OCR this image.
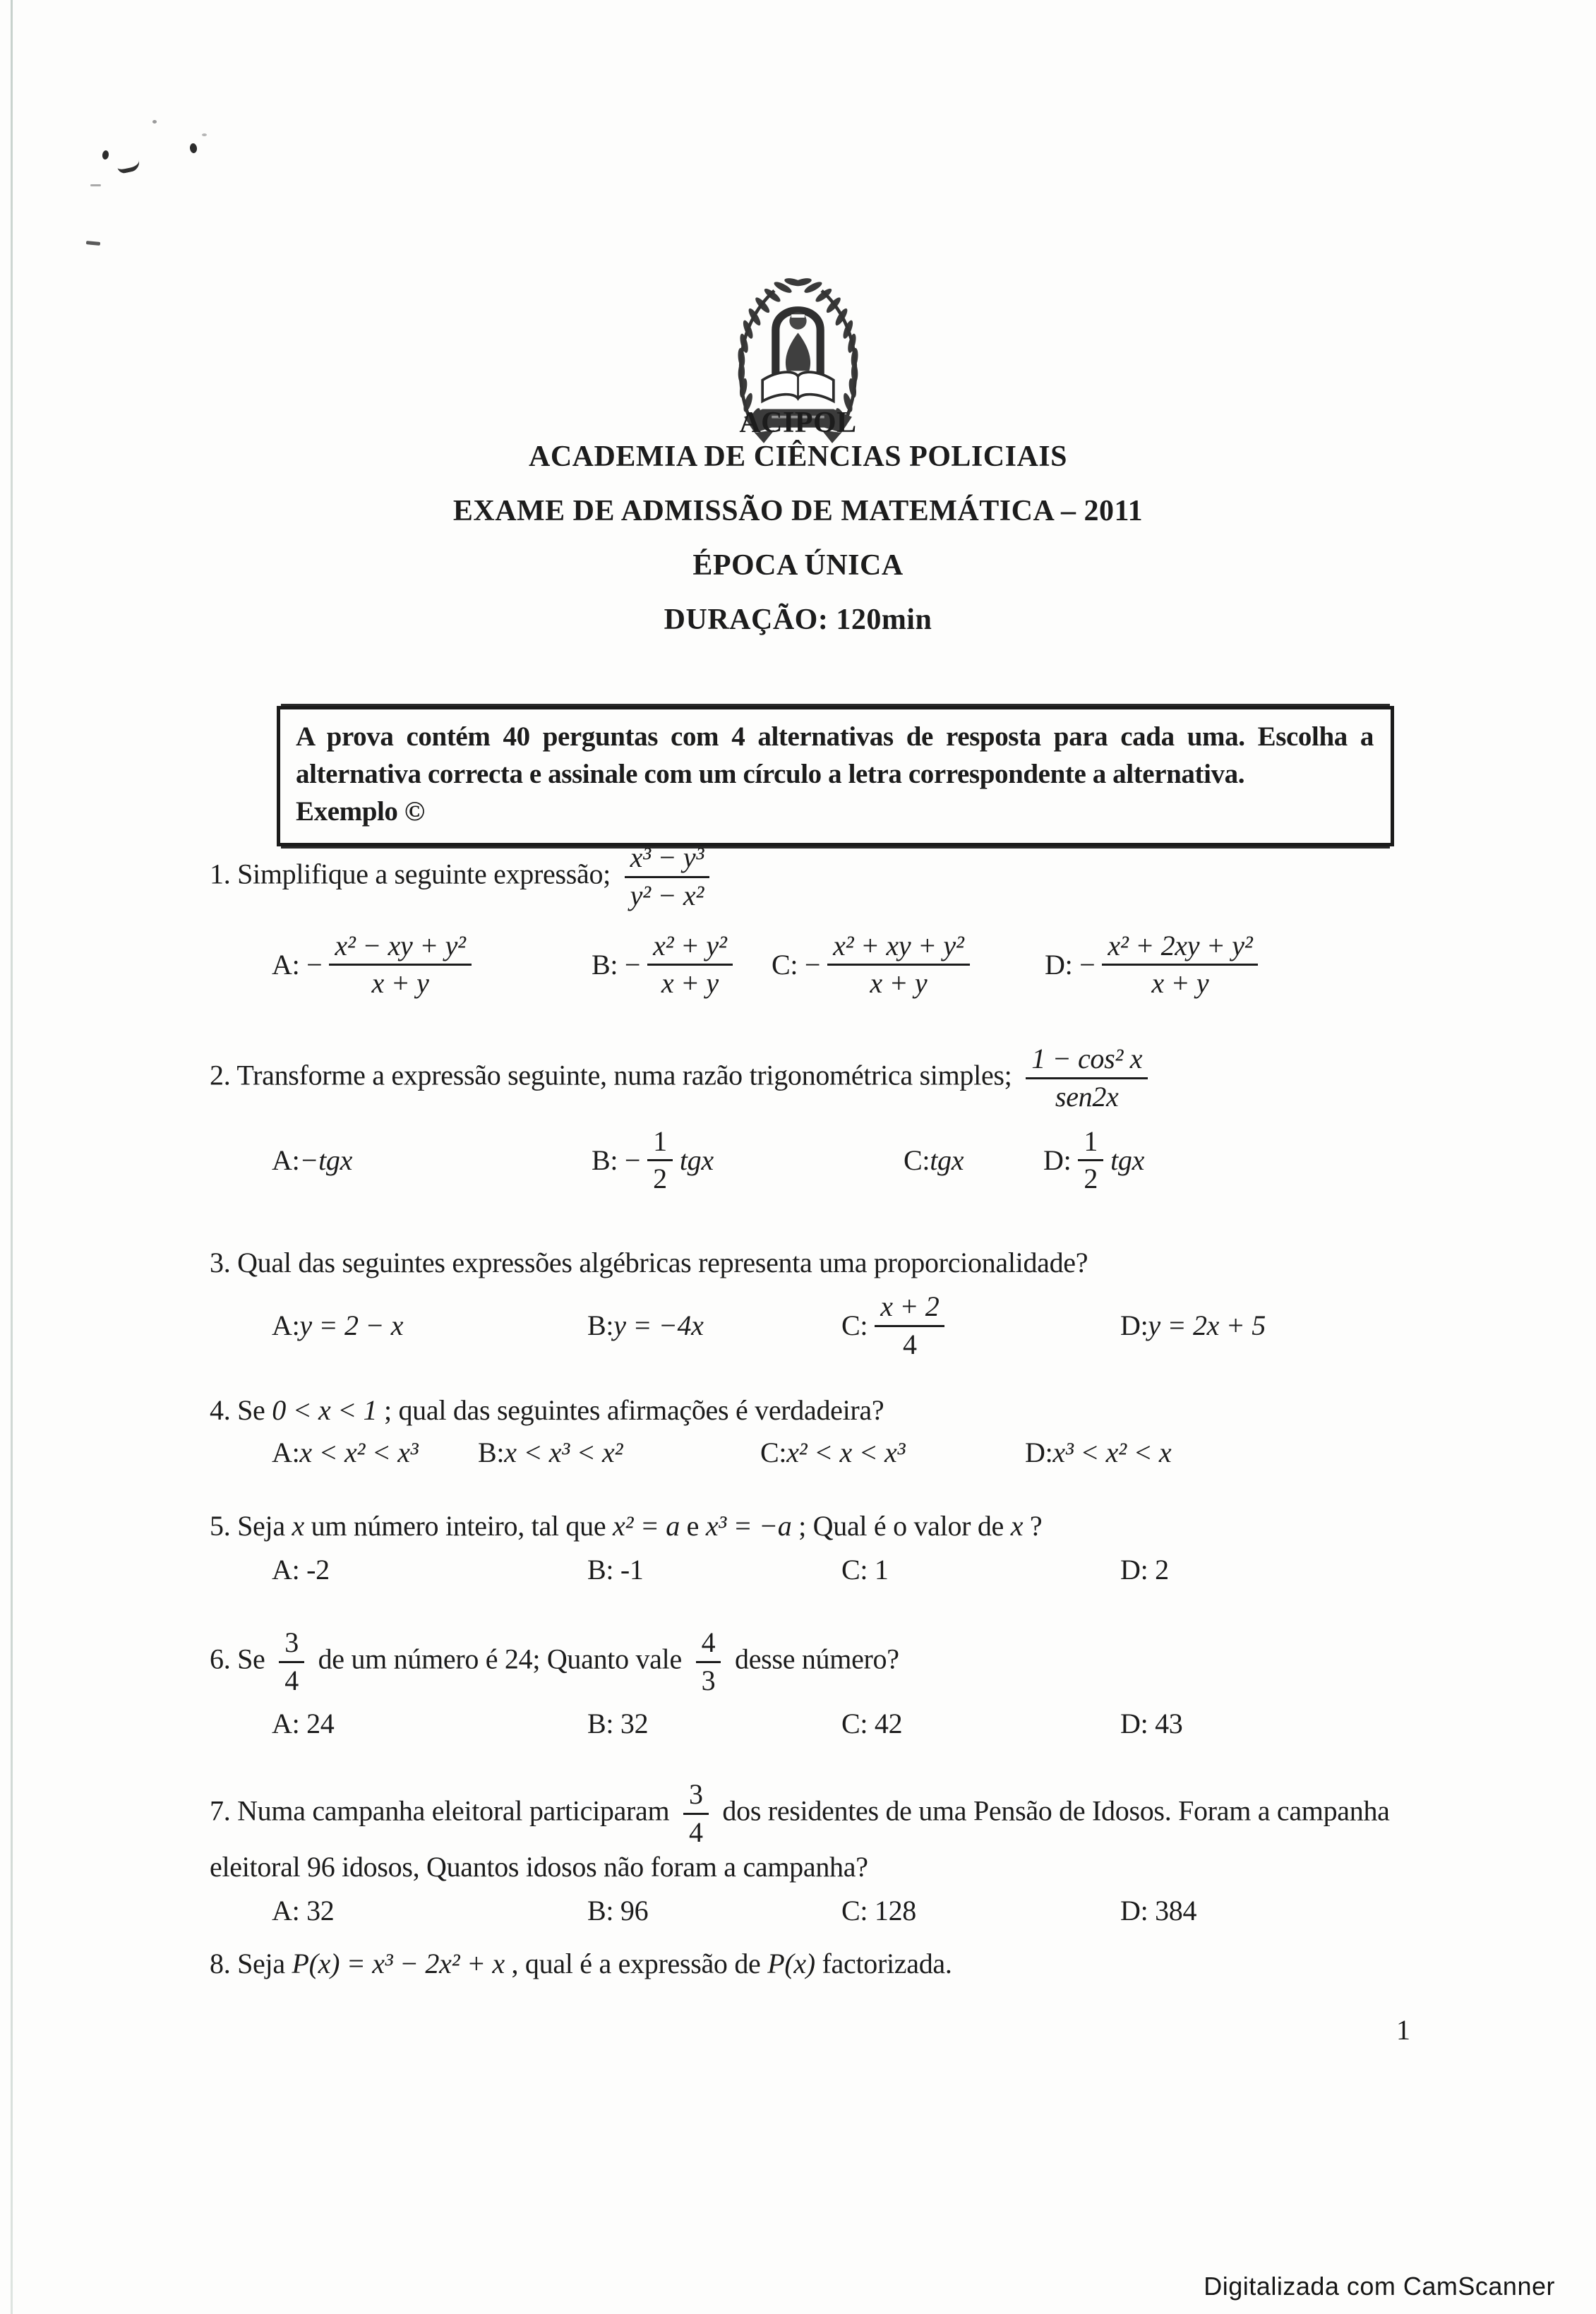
ACIPOL
ACADEMIA DE CIÊNCIAS POLICIAIS
EXAME DE ADMISSÃO DE MATEMÁTICA – 2011
ÉPOCA ÚNICA
DURAÇÃO: 120min

A prova contém 40 perguntas com 4 alternativas de resposta para cada uma. Escolha a alternativa correcta e assinale com um círculo a letra correspondente a alternativa.

Exemplo ©

1. Simplifique a seguinte expressão; $\frac{\text{x³ − y³}}{\text{y² − x²}}$
A: − $\frac{\text{x² − xy + y²}}{x + y}$	B: − $\frac{\text{x² + y²}}{x + y} C$: − $\frac{\text{x² + xy + y²}}{x + y}$	D: − $\frac{\text{x² + 2xy + y²}}{x + y}$
2. Transforme a expressão seguinte, numa razão trigonométrica simples; $\frac{\text{1 − cos² x}}{\text{sen2x}}$
A: −tgx	B: − $\frac{1}{2}$ tgx	C: tgx	D: $\frac{1}{2}$ tgx
3. Qual das seguintes expressões algébricas representa uma proporcionalidade?
A: y = 2 − x	B: y = −4x	C: $\frac{x + 2}{4}$	D: y = 2x + 5
4. Se 0 < x < 1 ; qual das seguintes afirmações é verdadeira?
A: x < x² < x³ B: x < x³ < x²	C: x² < x < x³	D: x³ < x² < x
5. Seja x um número inteiro, tal que x² = a e x³ = −a ; Qual é o valor de x ?
A: -2	B: -1	C: 1	D: 2
6. Se $\frac{3}{4}$ de um número é 24; Quanto vale $\frac{4}{3}$ desse número?
A: 24	B: 32	C: 42	D: 43
7. Numa campanha eleitoral participaram $\frac{3}{4}$ dos residentes de uma Pensão de Idosos. Foram a campanha eleitoral 96 idosos, Quantos idosos não foram a campanha?
A: 32	B: 96	C: 128	D: 384
8. Seja P(x) = x³ − 2x² + x , qual é a expressão de P(x) factorizada.
1
Digitalizada com CamScanner
